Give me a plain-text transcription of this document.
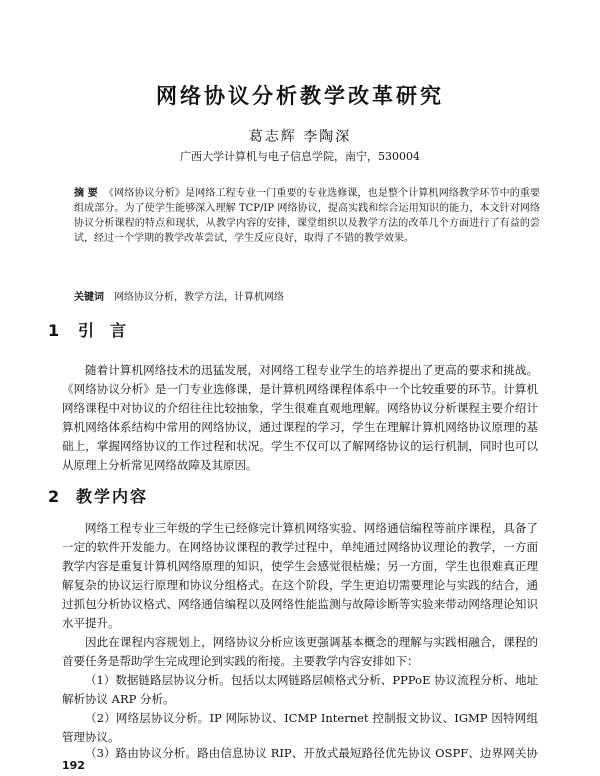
网络协议分析教学改革研究
葛志辉 李陶深
广西大学计算机与电子信息学院，南宁，530004
摘 要 《网络协议分析》是网络工程专业一门重要的专业选修课，也是整个计算机网络教学环节中的重要组成部分。为了使学生能够深入理解 TCP/IP 网络协议，提高实践和综合运用知识的能力，本文针对网络协议分析课程的特点和现状，从教学内容的安排，课堂组织以及教学方法的改革几个方面进行了有益的尝试，经过一个学期的教学改革尝试，学生反应良好，取得了不错的教学效果。
关键词 网络协议分析，教学方法，计算机网络
1 引言

随着计算机网络技术的迅猛发展，对网络工程专业学生的培养提出了更高的要求和挑战。《网络协议分析》是一门专业选修课，是计算机网络课程体系中一个比较重要的环节。计算机网络课程中对协议的介绍往往比较抽象，学生很难直观地理解。网络协议分析课程主要介绍计算机网络体系结构中常用的网络协议，通过课程的学习，学生在理解计算机网络协议原理的基础上，掌握网络协议的工作过程和状况。学生不仅可以了解网络协议的运行机制，同时也可以从原理上分析常见网络故障及其原因。

2 教学内容

网络工程专业三年级的学生已经修完计算机网络实验、网络通信编程等前序课程，具备了一定的软件开发能力。在网络协议课程的教学过程中，单纯通过网络协议理论的教学，一方面教学内容是重复计算机网络原理的知识，使学生会感觉很枯燥；另一方面，学生也很难真正理解复杂的协议运行原理和协议分组格式。在这个阶段，学生更迫切需要理论与实践的结合，通过抓包分析协议格式、网络通信编程以及网络性能监测与故障诊断等实验来带动网络理论知识水平提升。

因此在课程内容规划上，网络协议分析应该更强调基本概念的理解与实践相融合，课程的首要任务是帮助学生完成理论到实践的衔接。主要教学内容安排如下：

（1）数据链路层协议分析。包括以太网链路层帧格式分析、PPPoE 协议流程分析、地址解析协议 ARP 分析。

（2）网络层协议分析。IP 网际协议、ICMP Internet 控制报文协议、IGMP 因特网组管理协议。

（3）路由协议分析。路由信息协议 RIP、开放式最短路径优先协议 OSPF、边界网关协

192
